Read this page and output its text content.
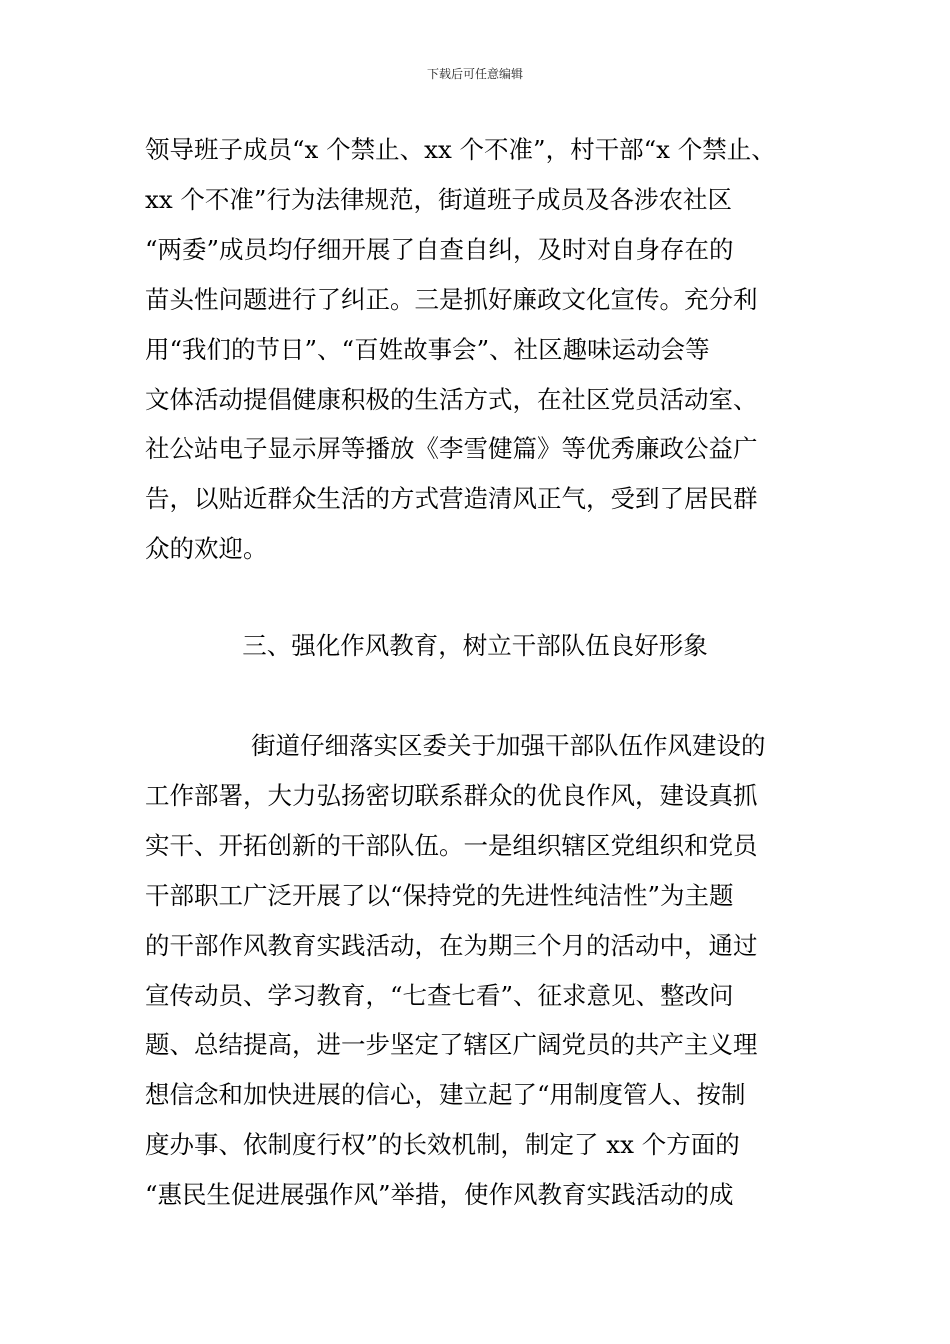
下载后可任意编辑
领导班子成员“x 个禁止、xx 个不准”，村干部“x 个禁止、
xx 个不准”行为法律规范，街道班子成员及各涉农社区
“两委”成员均仔细开展了自查自纠，及时对自身存在的
苗头性问题进行了纠正。三是抓好廉政文化宣传。充分利
用“我们的节日”、“百姓故事会”、社区趣味运动会等
文体活动提倡健康积极的生活方式，在社区党员活动室、
社公站电子显示屏等播放《李雪健篇》等优秀廉政公益广
告，以贴近群众生活的方式营造清风正气，受到了居民群
众的欢迎。
三、强化作风教育，树立干部队伍良好形象
街道仔细落实区委关于加强干部队伍作风建设的
工作部署，大力弘扬密切联系群众的优良作风，建设真抓
实干、开拓创新的干部队伍。一是组织辖区党组织和党员
干部职工广泛开展了以“保持党的先进性纯洁性”为主题
的干部作风教育实践活动，在为期三个月的活动中，通过
宣传动员、学习教育，“七查七看”、征求意见、整改问
题、总结提高，进一步坚定了辖区广阔党员的共产主义理
想信念和加快进展的信心，建立起了“用制度管人、按制
度办事、依制度行权”的长效机制，制定了 xx 个方面的
“惠民生促进展强作风”举措，使作风教育实践活动的成
